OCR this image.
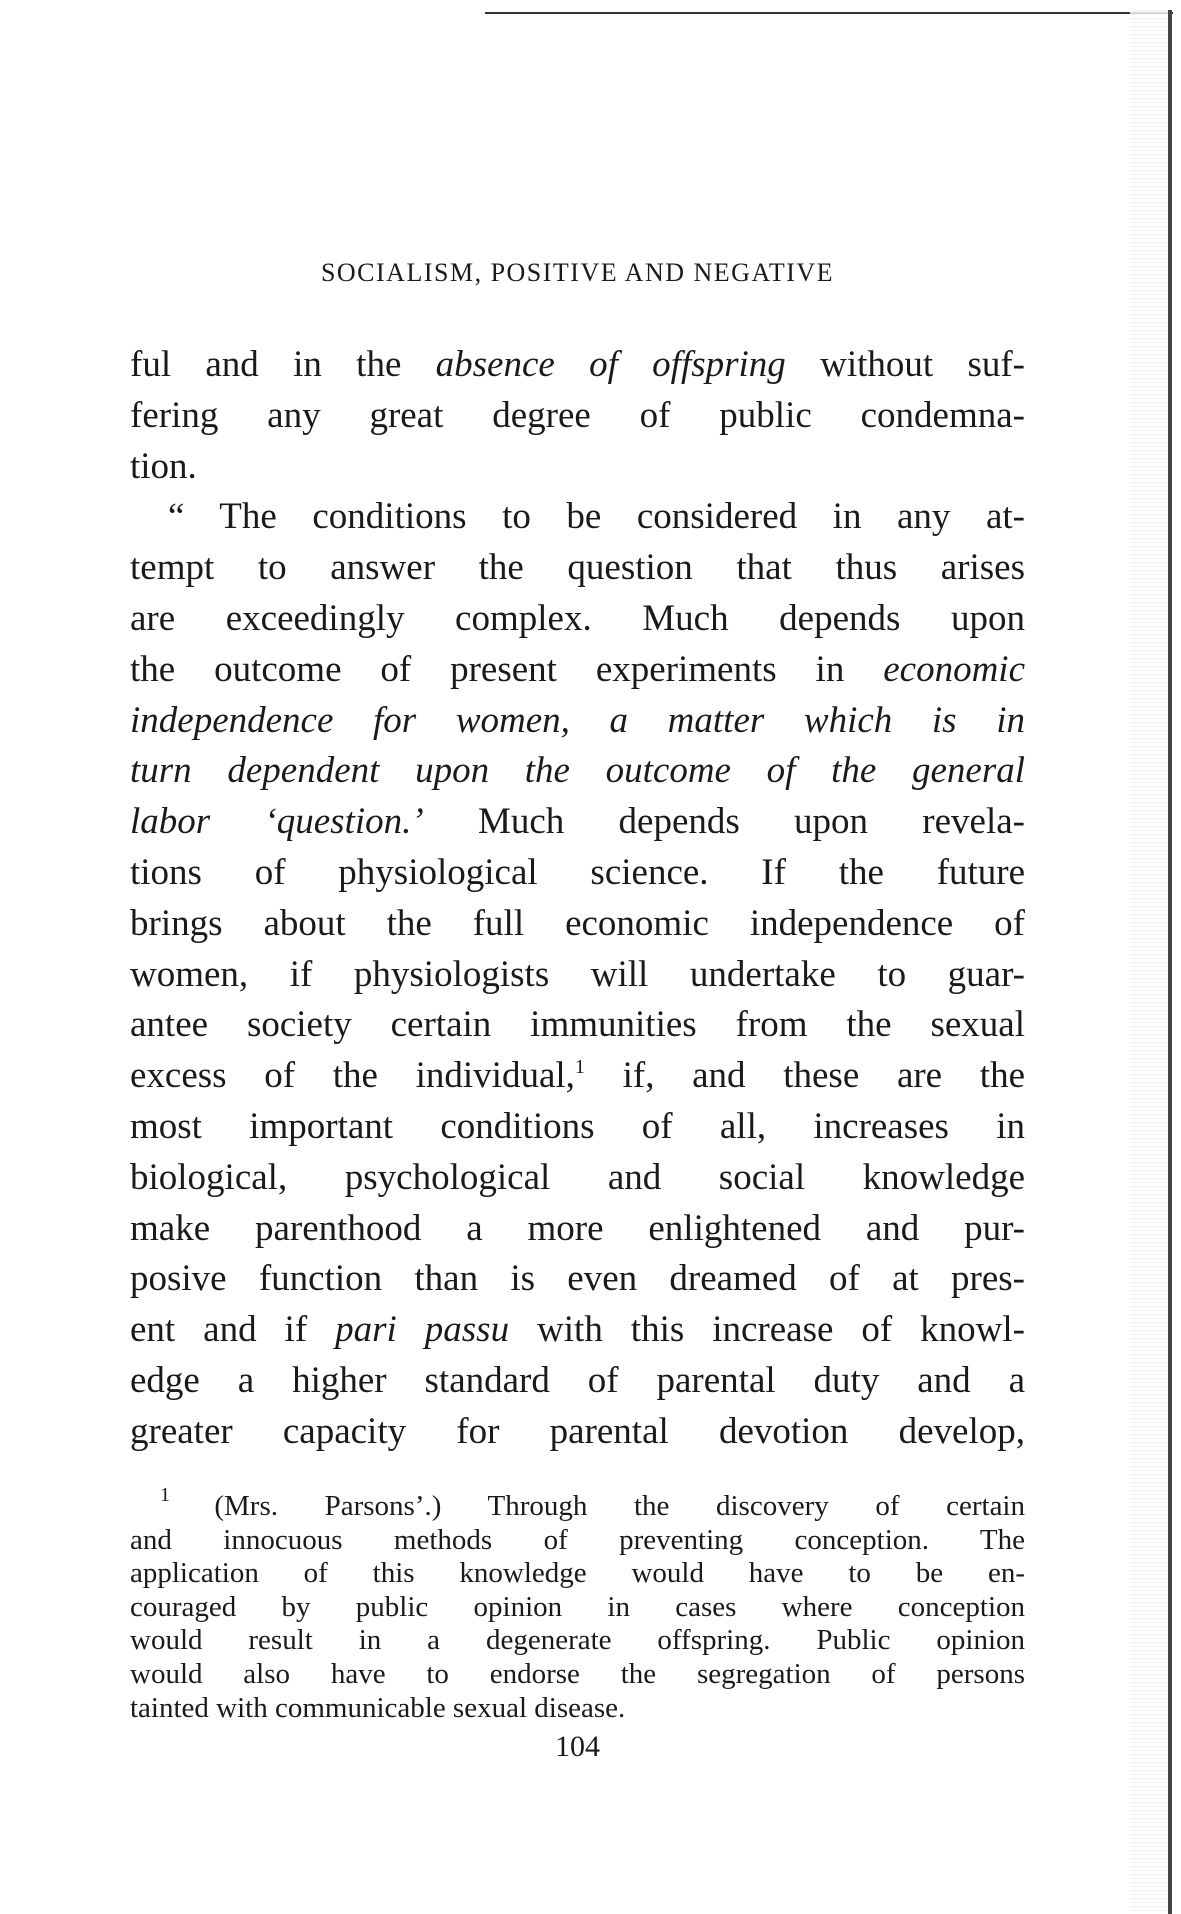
SOCIALISM, POSITIVE AND NEGATIVE
ful and in the absence of offspring without suf-
fering any great degree of public condemna-
tion.
“ The conditions to be considered in any at-
tempt to answer the question that thus arises
are exceedingly complex. Much depends upon
the outcome of present experiments in economic
independence for women, a matter which is in
turn dependent upon the outcome of the general
labor ‘question.’ Much depends upon revela-
tions of physiological science. If the future
brings about the full economic independence of
women, if physiologists will undertake to guar-
antee society certain immunities from the sexual
excess of the individual,$^1$ if, and these are the
most important conditions of all, increases in
biological, psychological and social knowledge
make parenthood a more enlightened and pur-
posive function than is even dreamed of at pres-
ent and if pari passu with this increase of knowl-
edge a higher standard of parental duty and a
greater capacity for parental devotion develop,
$^1$ (Mrs. Parsons’.) Through the discovery of certain
and innocuous methods of preventing conception. The
application of this knowledge would have to be en-
couraged by public opinion in cases where conception
would result in a degenerate offspring. Public opinion
would also have to endorse the segregation of persons
tainted with communicable sexual disease.
104
